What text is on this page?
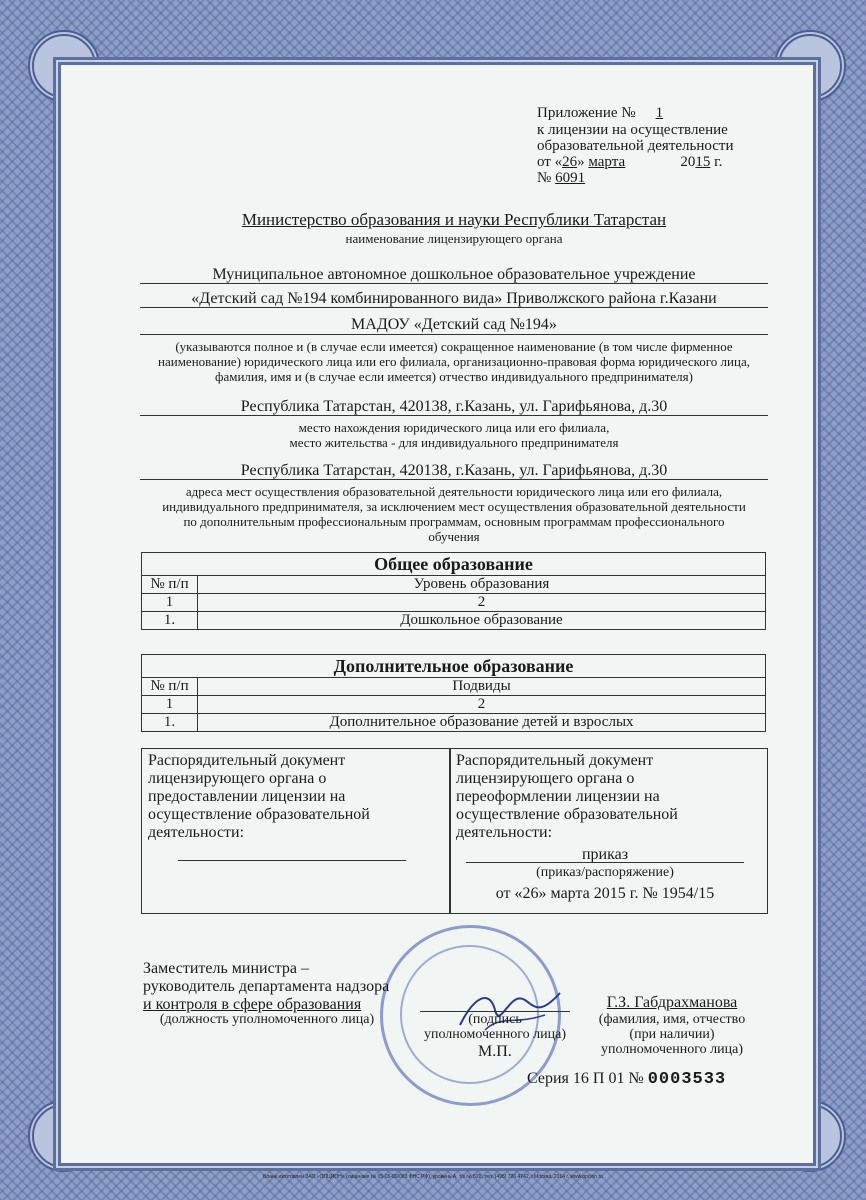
Приложение № 1
к лицензии на осуществление
образовательной деятельности
от «26» марта	2015 г.
№ 6091
Министерство образования и науки Республики Татарстан
наименование лицензирующего органа
Муниципальное автономное дошкольное образовательное учреждение
«Детский сад №194 комбинированного вида» Приволжского района г.Казани
МАДОУ «Детский сад №194»
(указываются полное и (в случае если имеется) сокращенное наименование (в том числе фирменное наименование) юридического лица или его филиала, организационно-правовая форма юридического лица, фамилия, имя и (в случае если имеется) отчество индивидуального предпринимателя)
Республика Татарстан, 420138, г.Казань, ул. Гарифьянова, д.30
место нахождения юридического лица или его филиала,
место жительства - для индивидуального предпринимателя
Республика Татарстан, 420138, г.Казань, ул. Гарифьянова, д.30
адреса мест осуществления образовательной деятельности юридического лица или его филиала, индивидуального предпринимателя, за исключением мест осуществления образовательной деятельности по дополнительным профессиональным программам, основным программам профессионального обучения
Общее образование	
№ п/п	Уровень образования
1	2
1.	Дошкольное образование
Дополнительное образование	
№ п/п	Подвиды
1	2
1.	Дополнительное образование детей и взрослых
Распорядительный документ
лицензирующего органа о
предоставлении лицензии на
осуществление образовательной
деятельности:
Распорядительный документ
лицензирующего органа о
переоформлении лицензии на
осуществление образовательной
деятельности:
приказ
(приказ/распоряжение)
от «26» марта 2015 г. № 1954/15
Заместитель министра –
руководитель департамента надзора
и контроля в сфере образования
(должность уполномоченного лица)	(подпись
уполномоченного лица)
М.П.
Г.З. Габдрахманова
(фамилия, имя, отчество
(при наличии)
уполномоченного лица)
Серия 16 П 01 № 0003533
Бланк изготовлен ЗАО «ОПЦИОН» (лицензия № 05-05-09/003 ФНС РФ), уровень А, т/з № 520, тел. (495) 726 4742, г.Москва, 2014 г. www.opcion.ru
